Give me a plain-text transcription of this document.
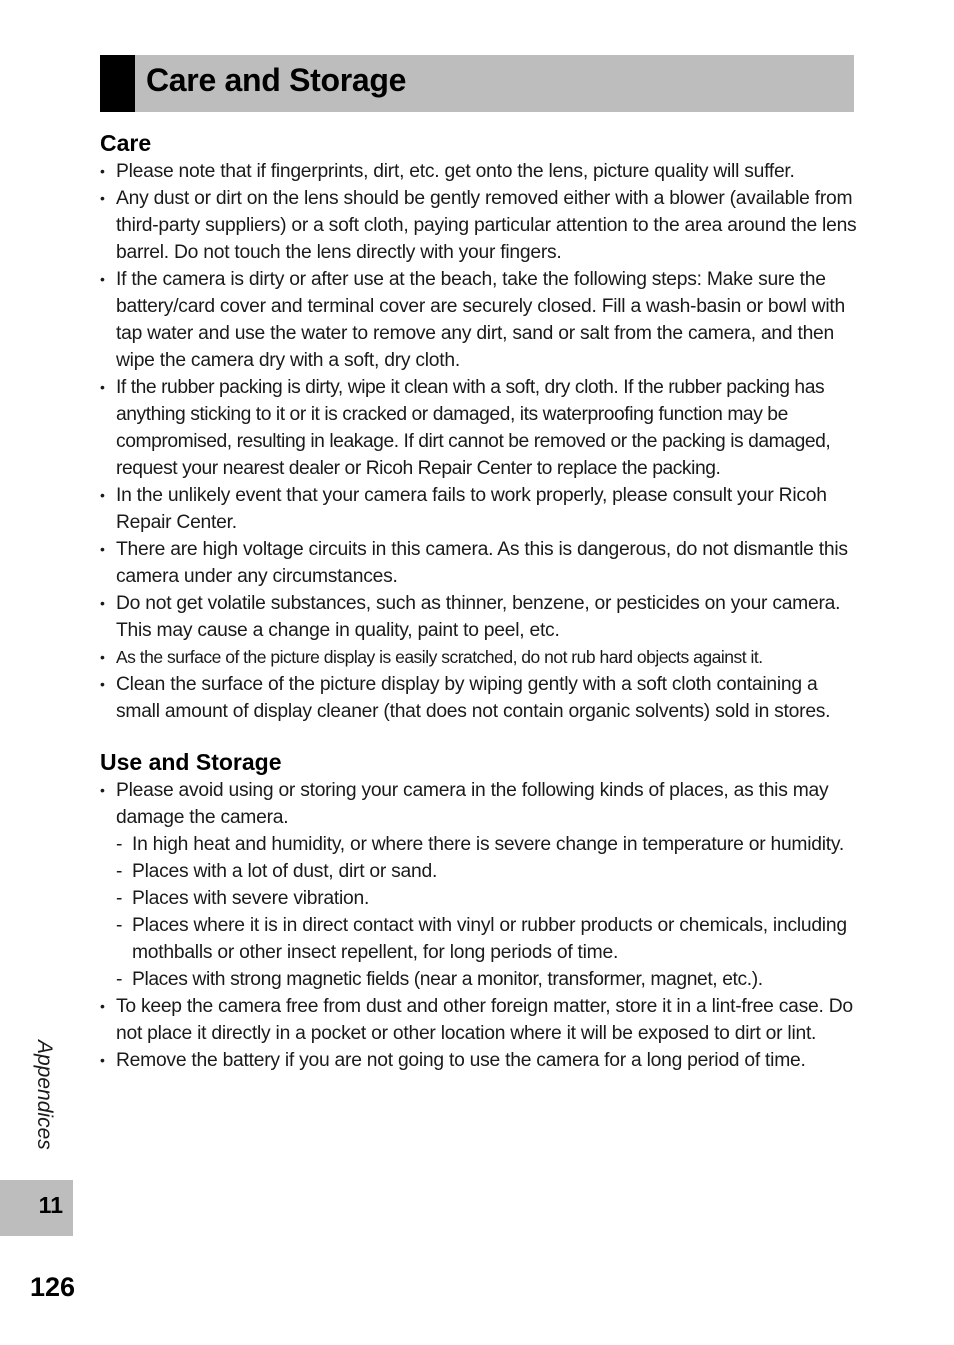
Care and Storage
Care
• Please note that if fingerprints, dirt, etc. get onto the lens, picture quality will suffer.
• Any dust or dirt on the lens should be gently removed either with a blower (available from third-party suppliers) or a soft cloth, paying particular attention to the area around the lens barrel. Do not touch the lens directly with your fingers.
• If the camera is dirty or after use at the beach, take the following steps: Make sure the battery/card cover and terminal cover are securely closed. Fill a wash-basin or bowl with tap water and use the water to remove any dirt, sand or salt from the camera, and then wipe the camera dry with a soft, dry cloth.
• If the rubber packing is dirty, wipe it clean with a soft, dry cloth. If the rubber packing has anything sticking to it or it is cracked or damaged, its waterproofing function may be compromised, resulting in leakage. If dirt cannot be removed or the packing is damaged, request your nearest dealer or Ricoh Repair Center to replace the packing.
• In the unlikely event that your camera fails to work properly, please consult your Ricoh Repair Center.
• There are high voltage circuits in this camera. As this is dangerous, do not dismantle this camera under any circumstances.
• Do not get volatile substances, such as thinner, benzene, or pesticides on your camera. This may cause a change in quality, paint to peel, etc.
• As the surface of the picture display is easily scratched, do not rub hard objects against it.
• Clean the surface of the picture display by wiping gently with a soft cloth containing a small amount of display cleaner (that does not contain organic solvents) sold in stores.
Use and Storage
• Please avoid using or storing your camera in the following kinds of places, as this may damage the camera.
- In high heat and humidity, or where there is severe change in temperature or humidity.
- Places with a lot of dust, dirt or sand.
- Places with severe vibration.
- Places where it is in direct contact with vinyl or rubber products or chemicals, including mothballs or other insect repellent, for long periods of time.
- Places with strong magnetic fields (near a monitor, transformer, magnet, etc.).
• To keep the camera free from dust and other foreign matter, store it in a lint-free case. Do not place it directly in a pocket or other location where it will be exposed to dirt or lint.
• Remove the battery if you are not going to use the camera for a long period of time.
Appendices
11
126
